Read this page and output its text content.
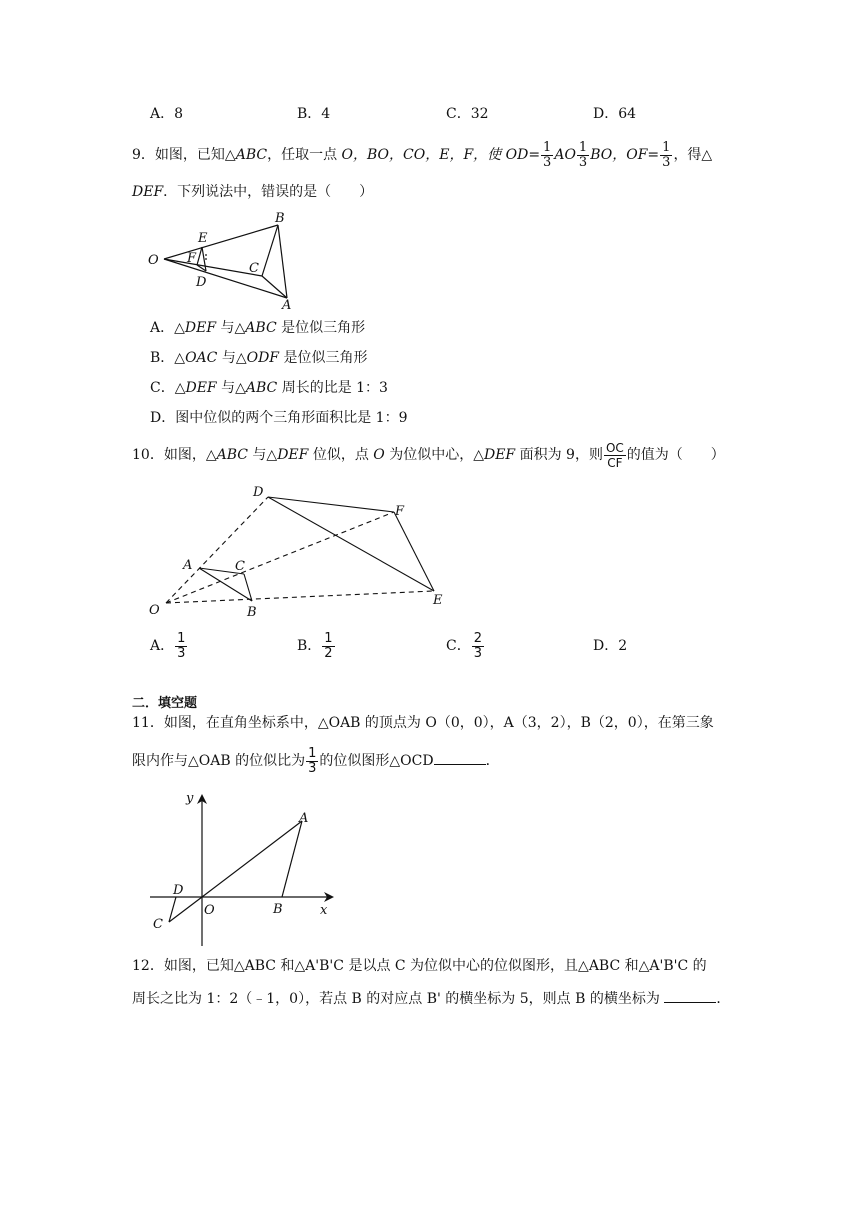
A．8	B．4	C．32	D．64
9．如图，已知△ABC，任取一点 O，BO，CO，E，F，使 $OD= \frac{1}{3}$ AO $\frac{1}{3}$ BO，$OF= \frac{1}{3}$ ，得△
DEF．下列说法中，错误的是（　　）
O
E
F
D
B
C
A
A．△DEF 与△ABC 是位似三角形
B．△OAC 与△ODF 是位似三角形
C．△DEF 与△ABC 周长的比是 1：3
D．图中位似的两个三角形面积比是 1：9
10．如图，△ABC 与△DEF 位似，点 O 为位似中心，△DEF 面积为 9，则 $\frac{OC}{CF}$ 的值为（　　）
D
F
A	C
O	B
E
A． $\frac{1}{3}$	B． $\frac{1}{2}$	C． $\frac{2}{3}$	D．2
二．填空题
11．如图，在直角坐标系中，△OAB 的顶点为 O（0，0），A（3，2），B（2，0），在第三象
限内作与△OAB 的位似比为 $\frac{1}{3}$ 的位似图形△OCD	．
y
A
D
O	B	x
C
12．如图，已知△ABC 和△A'B'C 是以点 C 为位似中心的位似图形，且△ABC 和△A'B'C 的
周长之比为 1：2（﹣1，0），若点 B 的对应点 B' 的横坐标为 5，则点 B 的横坐标为	．
